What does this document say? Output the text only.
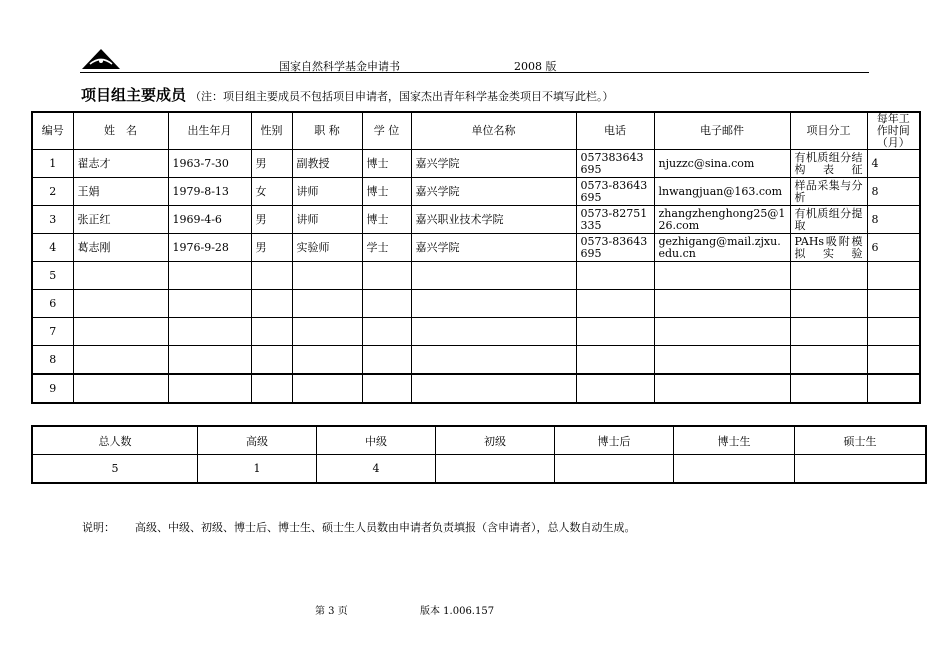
国家自然科学基金申请书	2008 版
项目组主要成员 （注：项目组主要成员不包括项目申请者，国家杰出青年科学基金类项目不填写此栏。）
编号	姓　名	出生年月	性别	职 称	学 位	单位名称	电话	电子邮件	项目分工	每年工作时间（月）
1	翟志才	1963-7-30	男	副教授	博士	嘉兴学院	057383643695	njuzzc@sina.com	有机质组分结构表征	4
2	王娟	1979-8-13	女	讲师	博士	嘉兴学院	0573-83643695	lnwangjuan@163.com	样品采集与分析	8
3	张正红	1969-4-6	男	讲师	博士	嘉兴职业技术学院	0573-82751335	zhangzhenghong25@126.com	有机质组分提取	8
4	葛志刚	1976-9-28	男	实验师	学士	嘉兴学院	0573-83643695	gezhigang@mail.zjxu.edu.cn	PAHs吸附模拟实验	6
5										
6										
7										
8										
9										
总人数	高级	中级	初级	博士后	博士生	硕士生
5	1	4				
说明： 高级、中级、初级、博士后、博士生、硕士生人员数由申请者负责填报（含申请者），总人数自动生成。
第 3 页	版本 1.006.157
